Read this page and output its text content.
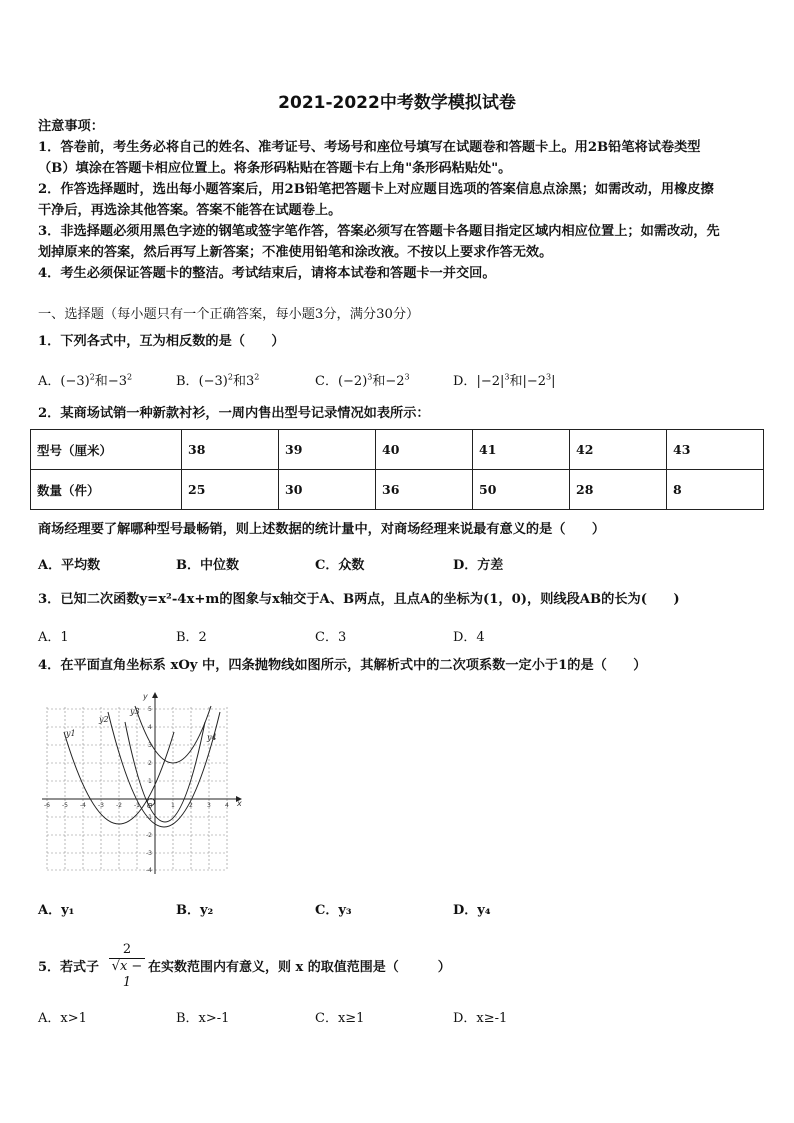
2021-2022中考数学模拟试卷
注意事项：
1．答卷前，考生务必将自己的姓名、准考证号、考场号和座位号填写在试题卷和答题卡上。用2B铅笔将试卷类型
（B）填涂在答题卡相应位置上。将条形码粘贴在答题卡右上角"条形码粘贴处"。
2．作答选择题时，选出每小题答案后，用2B铅笔把答题卡上对应题目选项的答案信息点涂黑；如需改动，用橡皮擦
干净后，再选涂其他答案。答案不能答在试题卷上。
3．非选择题必须用黑色字迹的钢笔或签字笔作答，答案必须写在答题卡各题目指定区域内相应位置上；如需改动，先
划掉原来的答案，然后再写上新答案；不准使用铅笔和涂改液。不按以上要求作答无效。
4．考生必须保证答题卡的整洁。考试结束后，请将本试卷和答题卡一并交回。
一、选择题（每小题只有一个正确答案，每小题3分，满分30分）
1．下列各式中，互为相反数的是（　　）
A．$(-3)^2$和$-3^2$	B．$(-3)^2$和$3^2$	C．$(-2)^3$和$-2^3$	D．$|-2|^3$和$|-2^3|$
2．某商场试销一种新款衬衫，一周内售出型号记录情况如表所示：
型号（厘米）	38	39	40	41	42	43
数量（件）	25	30	36	50	28	8
商场经理要了解哪种型号最畅销，则上述数据的统计量中，对商场经理来说最有意义的是（　　）
A．平均数	B．中位数	C．众数	D．方差
3．已知二次函数y=x²-4x+m的图象与x轴交于A、B两点，且点A的坐标为(1，0)，则线段AB的长为(　　)
A．1	B．2	C．3	D．4
4．在平面直角坐标系 xOy 中，四条抛物线如图所示，其解析式中的二次项系数一定小于1的是（　　）
-6 -5 -4 -3 -2 -1	1 2 3 4
5
4
3
2
1
-1
-2
-3
-4
x
y
O
y1
y2
y3
y4
A．y₁	B．y₂	C．y₃	D．y₄
5．若式子
2
√x − 1
在实数范围内有意义，则 x 的取值范围是（　　　）
A．x>1	B．x>-1	C．x≥1	D．x≥-1
